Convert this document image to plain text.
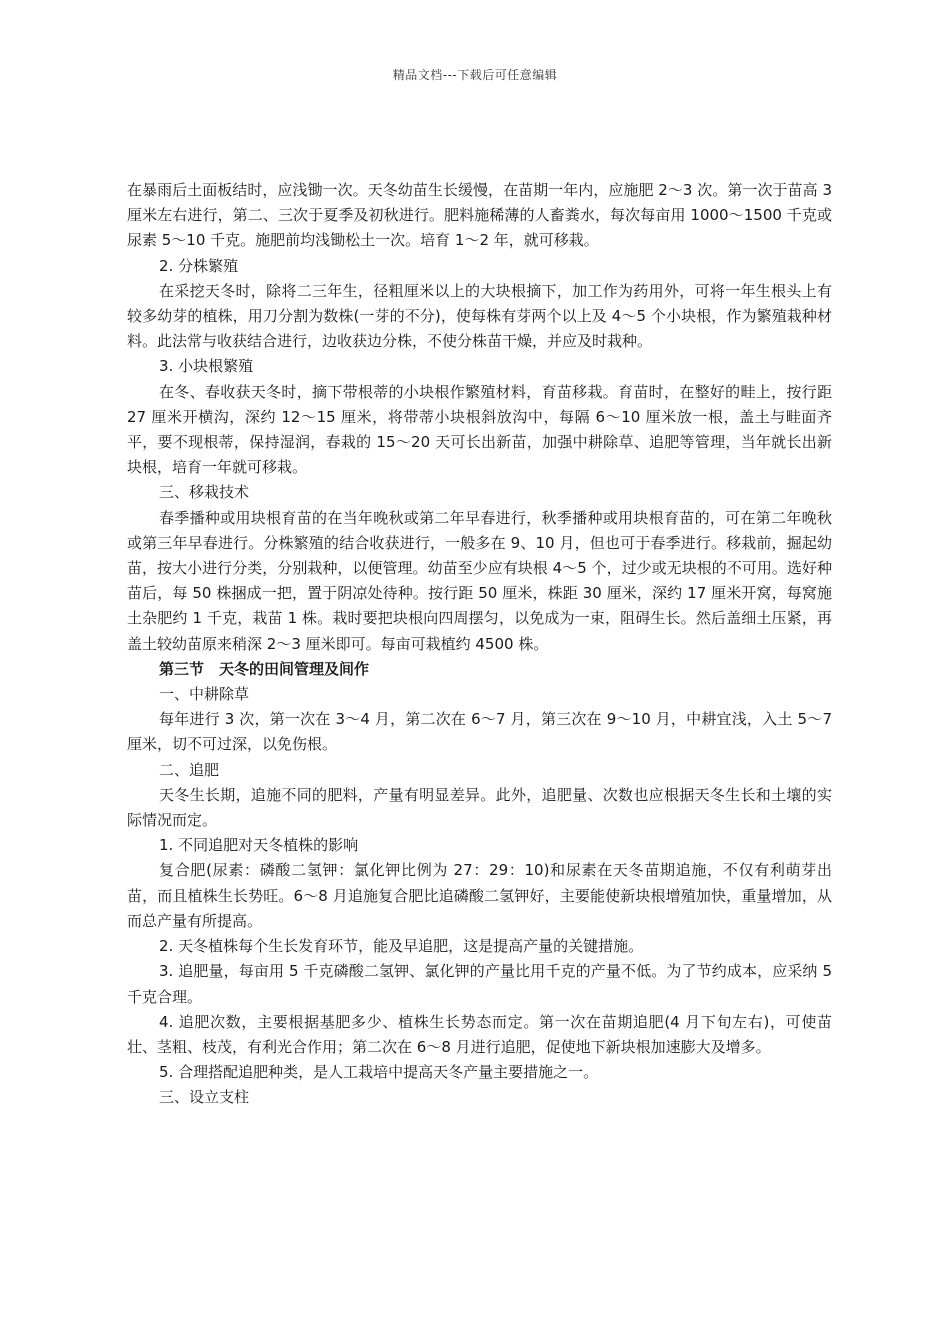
精品文档---下载后可任意编辑

在暴雨后土面板结时，应浅锄一次。天冬幼苗生长缓慢，在苗期一年内，应施肥 2～3 次。第一次于苗高 3 厘米左右进行，第二、三次于夏季及初秋进行。肥料施稀薄的人畜粪水，每次每亩用 1000～1500 千克或尿素 5～10 千克。施肥前均浅锄松土一次。培育 1～2 年，就可移栽。

2. 分株繁殖

在采挖天冬时，除将二三年生，径粗厘米以上的大块根摘下，加工作为药用外，可将一年生根头上有较多幼芽的植株，用刀分割为数株(一芽的不分)，使每株有芽两个以上及 4～5 个小块根，作为繁殖栽种材料。此法常与收获结合进行，边收获边分株，不使分株苗干燥，并应及时栽种。

3. 小块根繁殖

在冬、春收获天冬时，摘下带根蒂的小块根作繁殖材料，育苗移栽。育苗时，在整好的畦上，按行距 27 厘米开横沟，深约 12～15 厘米，将带蒂小块根斜放沟中，每隔 6～10 厘米放一根，盖土与畦面齐平，要不现根蒂，保持湿润，春栽的 15～20 天可长出新苗，加强中耕除草、追肥等管理，当年就长出新块根，培育一年就可移栽。

三、移栽技术

春季播种或用块根育苗的在当年晚秋或第二年早春进行，秋季播种或用块根育苗的，可在第二年晚秋或第三年早春进行。分株繁殖的结合收获进行，一般多在 9、10 月，但也可于春季进行。移栽前，掘起幼苗，按大小进行分类，分别栽种，以便管理。幼苗至少应有块根 4～5 个，过少或无块根的不可用。选好种苗后，每 50 株捆成一把，置于阴凉处待种。按行距 50 厘米，株距 30 厘米，深约 17 厘米开窝，每窝施土杂肥约 1 千克，栽苗 1 株。栽时要把块根向四周摆匀，以免成为一束，阻碍生长。然后盖细土压紧，再盖土较幼苗原来稍深 2～3 厘米即可。每亩可栽植约 4500 株。

第三节　天冬的田间管理及间作

一、中耕除草

每年进行 3 次，第一次在 3～4 月，第二次在 6～7 月，第三次在 9～10 月，中耕宜浅，入土 5～7 厘米，切不可过深，以免伤根。

二、追肥

天冬生长期，追施不同的肥料，产量有明显差异。此外，追肥量、次数也应根据天冬生长和土壤的实际情况而定。

1. 不同追肥对天冬植株的影响

复合肥(尿素：磷酸二氢钾：氯化钾比例为 27：29：10)和尿素在天冬苗期追施，不仅有利萌芽出苗，而且植株生长势旺。6～8 月追施复合肥比追磷酸二氢钾好，主要能使新块根增殖加快，重量增加，从而总产量有所提高。

2. 天冬植株每个生长发育环节，能及早追肥，这是提高产量的关键措施。

3. 追肥量，每亩用 5 千克磷酸二氢钾、氯化钾的产量比用千克的产量不低。为了节约成本，应采纳 5 千克合理。

4. 追肥次数，主要根据基肥多少、植株生长势态而定。第一次在苗期追肥(4 月下旬左右)，可使苗壮、茎粗、枝茂，有利光合作用；第二次在 6～8 月进行追肥，促使地下新块根加速膨大及增多。

5. 合理搭配追肥种类，是人工栽培中提高天冬产量主要措施之一。

三、设立支柱
